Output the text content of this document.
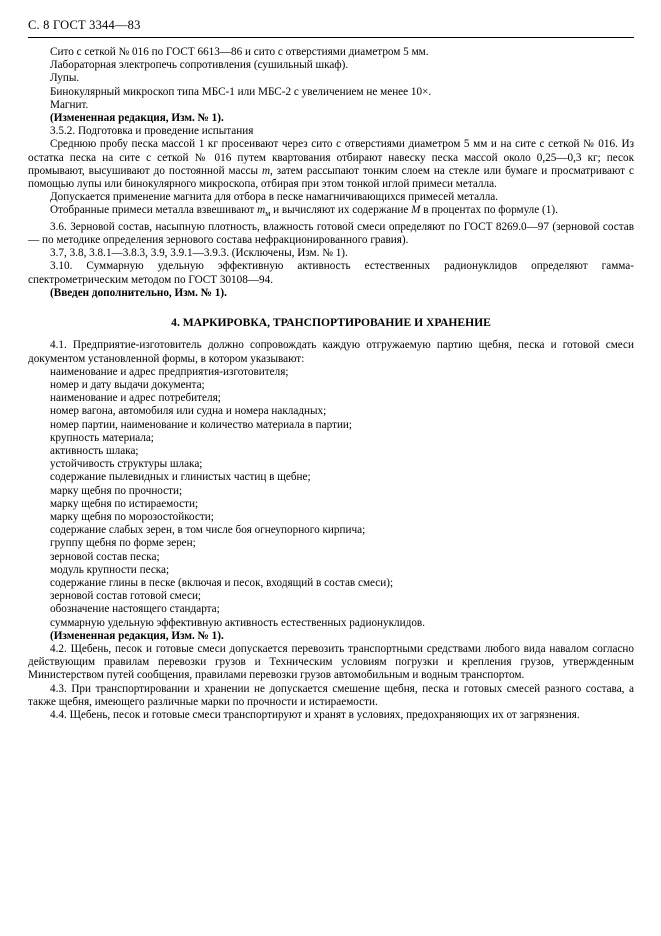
С. 8 ГОСТ 3344—83

Сито с сеткой № 016 по ГОСТ 6613—86 и сито с отверстиями диаметром 5 мм.

Лабораторная электропечь сопротивления (сушильный шкаф).

Лупы.

Бинокулярный микроскоп типа МБС-1 или МБС-2 с увеличением не менее 10×.

Магнит.

(Измененная редакция, Изм. № 1).

3.5.2. Подготовка и проведение испытания

Среднюю пробу песка массой 1 кг просеивают через сито с отверстиями диаметром 5 мм и на сите с сеткой № 016. Из остатка песка на сите с сеткой № 016 путем квартования отбирают навеску песка массой около 0,25—0,3 кг; песок промывают, высушивают до постоянной массы m, затем рассыпают тонким слоем на стекле или бумаге и просматривают с помощью лупы или бинокулярного микроскопа, отбирая при этом тонкой иглой примеси металла.

Допускается применение магнита для отбора в песке намагничивающихся примесей металла.

Отобранные примеси металла взвешивают $m_м$ и вычисляют их содержание М в процентах по формуле (1).

3.6. Зерновой состав, насыпную плотность, влажность готовой смеси определяют по ГОСТ 8269.0—97 (зерновой состав — по методике определения зернового состава нефракционированного гравия).

3.7, 3.8, 3.8.1—3.8.3, 3.9, 3.9.1—3.9.3. (Исключены, Изм. № 1).

3.10. Суммарную удельную эффективную активность естественных радионуклидов определяют гамма-спектрометрическим методом по ГОСТ 30108—94.

(Введен дополнительно, Изм. № 1).

4. МАРКИРОВКА, ТРАНСПОРТИРОВАНИЕ И ХРАНЕНИЕ

4.1. Предприятие-изготовитель должно сопровождать каждую отгружаемую партию щебня, песка и готовой смеси документом установленной формы, в котором указывают:

наименование и адрес предприятия-изготовителя;

номер и дату выдачи документа;

наименование и адрес потребителя;

номер вагона, автомобиля или судна и номера накладных;

номер партии, наименование и количество материала в партии;

крупность материала;

активность шлака;

устойчивость структуры шлака;

содержание пылевидных и глинистых частиц в щебне;

марку щебня по прочности;

марку щебня по истираемости;

марку щебня по морозостойкости;

содержание слабых зерен, в том числе боя огнеупорного кирпича;

группу щебня по форме зерен;

зерновой состав песка;

модуль крупности песка;

содержание глины в песке (включая и песок, входящий в состав смеси);

зерновой состав готовой смеси;

обозначение настоящего стандарта;

суммарную удельную эффективную активность естественных радионуклидов.

(Измененная редакция, Изм. № 1).

4.2. Щебень, песок и готовые смеси допускается перевозить транспортными средствами любого вида навалом согласно действующим правилам перевозки грузов и Техническим условиям погрузки и крепления грузов, утвержденным Министерством путей сообщения, правилами перевозки грузов автомобильным и водным транспортом.

4.3. При транспортировании и хранении не допускается смешение щебня, песка и готовых смесей разного состава, а также щебня, имеющего различные марки по прочности и истираемости.

4.4. Щебень, песок и готовые смеси транспортируют и хранят в условиях, предохраняющих их от загрязнения.
